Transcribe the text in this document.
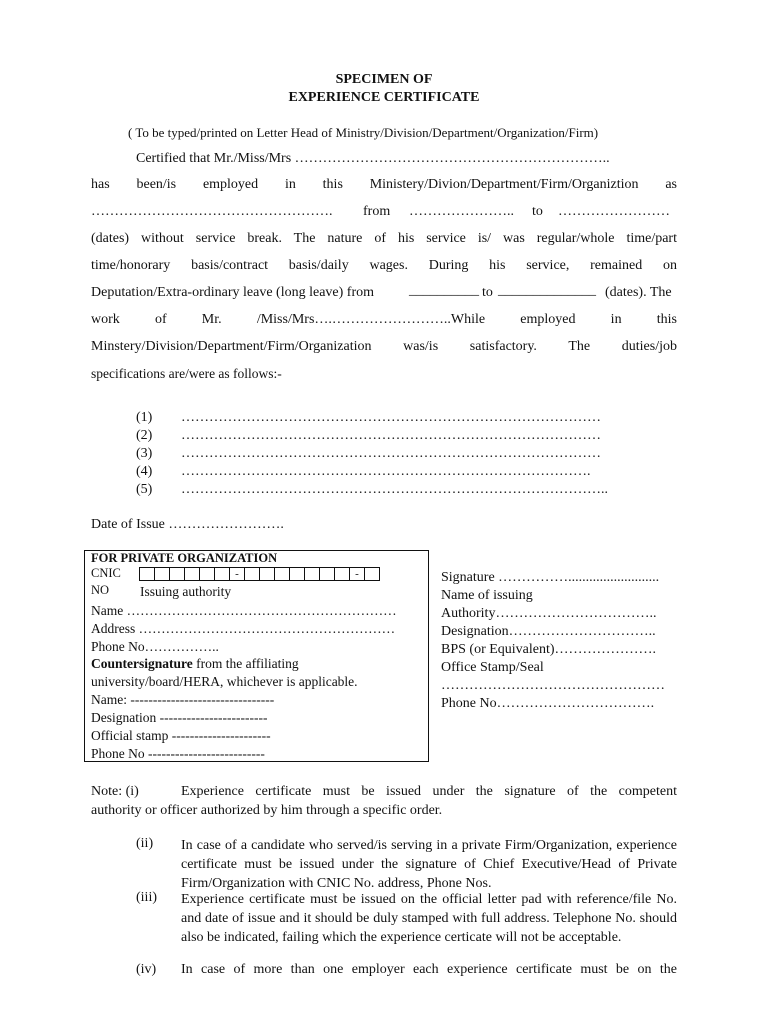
SPECIMEN OF
EXPERIENCE CERTIFICATE
( To be typed/printed on Letter Head of Ministry/Division/Department/Organization/Firm)
Certified that Mr./Miss/Mrs …………………………………………………………..
has been/is employed in this Ministery/Divion/Department/Firm/Organiztion as
……………………………………………. from ………………….. to ……………………
(dates) without service break. The nature of his service is/ was regular/whole time/part
time/honorary basis/contract basis/daily wages. During his service, remained on
Deputation/Extra-ordinary leave (long leave) from	__________ to ______________ (dates). The
work of Mr. /Miss/Mrs….……………………..While employed in this
Minstery/Division/Department/Firm/Organization was/is satisfactory. The duties/job
specifications are/were as follows:-
(1) ………………………………………………………………………………
(2) ………………………………………………………………………………
(3) ………………………………………………………………………………
(4) …………………………………………………………………………….
(5) ………………………………………………………………………………..
Date of Issue …………………….
FOR PRIVATE ORGANIZATION
CNIC
NO
-	-
Issuing authority
Name ……………………………………………………
Address …………………………………………………
Phone No……………..
Countersignature from the affiliating
university/board/HERA, whichever is applicable.
Name: --------------------------------
Designation ------------------------
Official stamp ----------------------
Phone No --------------------------
Signature ……………..........................
Name of issuing
Authority……………………………..
Designation…………………………..
BPS (or Equivalent)………………….
Office Stamp/Seal
…………………………………………
Phone No…………………………….
Note: (i)	Experience certificate must be issued under the signature of the competent
authority or officer authorized by him through a specific order.
(ii) In case of a candidate who served/is serving in a private Firm/Organization, experience certificate must be issued under the signature of Chief Executive/Head of Private Firm/Organization with CNIC No. address, Phone Nos.
(iii) Experience certificate must be issued on the official letter pad with reference/file No. and date of issue and it should be duly stamped with full address. Telephone No. should also be indicated, failing which the experience certicate will not be acceptable.
(iv) In case of more than one employer each experience certificate must be on the
